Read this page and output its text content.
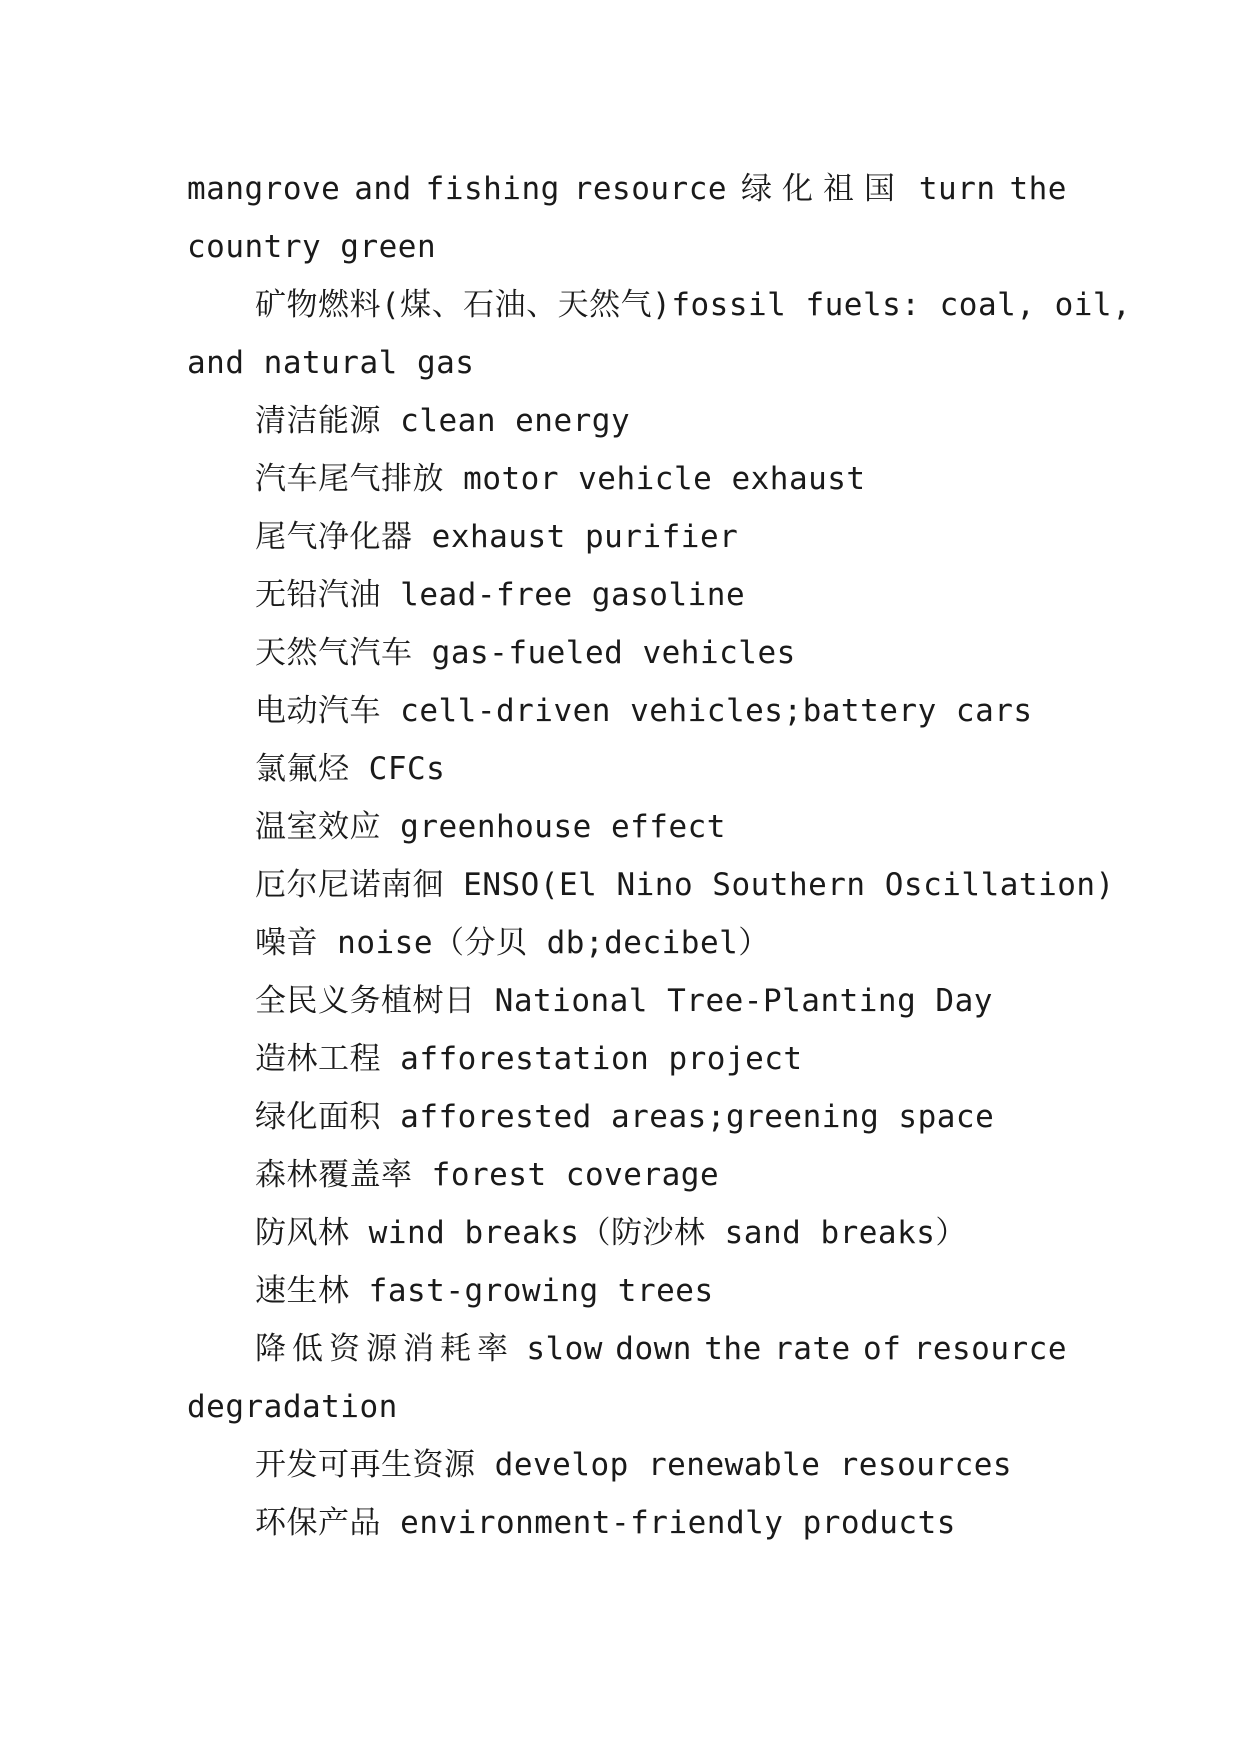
mangrove and fishing resource 绿化祖国 turn the
country green
矿物燃料(煤、石油、天然气)fossil fuels: coal, oil,
and natural gas
清洁能源 clean energy
汽车尾气排放 motor vehicle exhaust
尾气净化器 exhaust purifier
无铅汽油 lead-free gasoline
天然气汽车 gas-fueled vehicles
电动汽车 cell-driven vehicles;battery cars
氯氟烃 CFCs
温室效应 greenhouse effect
厄尔尼诺南徊 ENSO(El Nino Southern Oscillation)
噪音 noise（分贝 db;decibel）
全民义务植树日 National Tree-Planting Day
造林工程 afforestation project
绿化面积 afforested areas;greening space
森林覆盖率 forest coverage
防风林 wind breaks（防沙林 sand breaks）
速生林 fast-growing trees
降低资源消耗率 slow down the rate of resource
degradation
开发可再生资源 develop renewable resources
环保产品 environment-friendly products
